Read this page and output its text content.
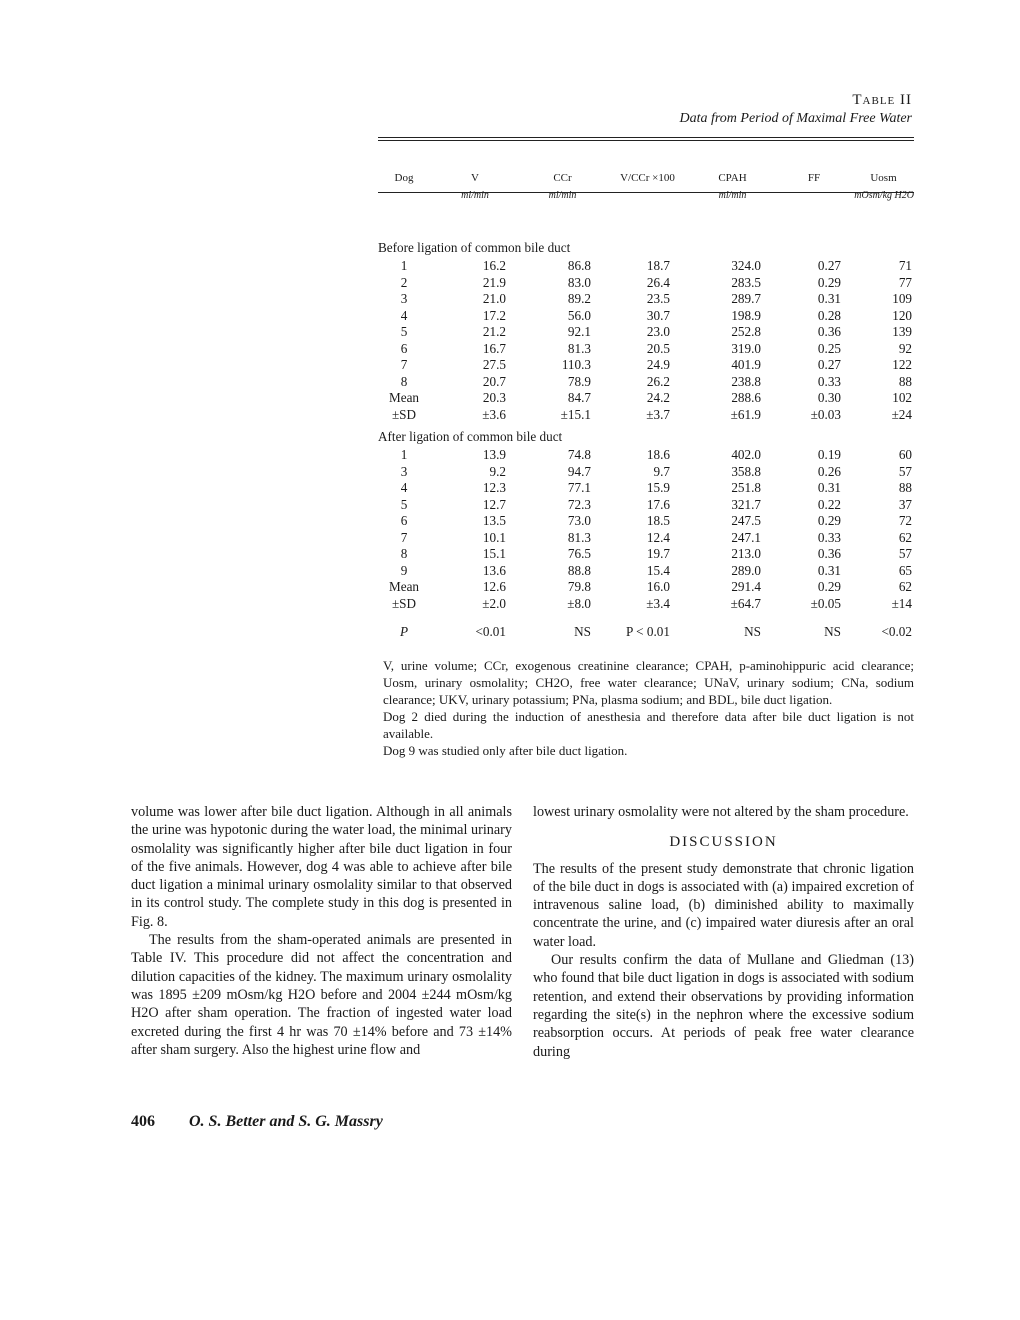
Table II
Data from Period of Maximal Free Water
Dog	V	CCr	V/CCr ×100	CPAH	FF	Uosm
	ml/min	ml/min		ml/min		mOsm/kg H2O
Before ligation of common bile duct						
1	16.2	86.8	18.7	324.0	0.27	71
2	21.9	83.0	26.4	283.5	0.29	77
3	21.0	89.2	23.5	289.7	0.31	109
4	17.2	56.0	30.7	198.9	0.28	120
5	21.2	92.1	23.0	252.8	0.36	139
6	16.7	81.3	20.5	319.0	0.25	92
7	27.5	110.3	24.9	401.9	0.27	122
8	20.7	78.9	26.2	238.8	0.33	88
Mean	20.3	84.7	24.2	288.6	0.30	102
±SD	±3.6	±15.1	±3.7	±61.9	±0.03	±24
After ligation of common bile duct						
1	13.9	74.8	18.6	402.0	0.19	60
3	9.2	94.7	9.7	358.8	0.26	57
4	12.3	77.1	15.9	251.8	0.31	88
5	12.7	72.3	17.6	321.7	0.22	37
6	13.5	73.0	18.5	247.5	0.29	72
7	10.1	81.3	12.4	247.1	0.33	62
8	15.1	76.5	19.7	213.0	0.36	57
9	13.6	88.8	15.4	289.0	0.31	65
Mean	12.6	79.8	16.0	291.4	0.29	62
±SD	±2.0	±8.0	±3.4	±64.7	±0.05	±14
P	<0.01	NS	P < 0.01	NS	NS	<0.02

V, urine volume; CCr, exogenous creatinine clearance; CPAH, p-aminohippuric acid clearance; Uosm, urinary osmolality; CH2O, free water clearance; UNaV, urinary sodium; CNa, sodium clearance; UKV, urinary potassium; PNa, plasma sodium; and BDL, bile duct ligation.

Dog 2 died during the induction of anesthesia and therefore data after bile duct ligation is not available.

Dog 9 was studied only after bile duct ligation.

volume was lower after bile duct ligation. Although in all animals the urine was hypotonic during the water load, the minimal urinary osmolality was significantly higher after bile duct ligation in four of the five animals. However, dog 4 was able to achieve after bile duct ligation a minimal urinary osmolality similar to that observed in its control study. The complete study in this dog is presented in Fig. 8.

The results from the sham-operated animals are presented in Table IV. This procedure did not affect the concentration and dilution capacities of the kidney. The maximum urinary osmolality was 1895 ±209 mOsm/kg H2O before and 2004 ±244 mOsm/kg H2O after sham operation. The fraction of ingested water load excreted during the first 4 hr was 70 ±14% before and 73 ±14% after sham surgery. Also the highest urine flow and

lowest urinary osmolality were not altered by the sham procedure.

DISCUSSION

The results of the present study demonstrate that chronic ligation of the bile duct in dogs is associated with (a) impaired excretion of intravenous saline load, (b) diminished ability to maximally concentrate the urine, and (c) impaired water diuresis after an oral water load.

Our results confirm the data of Mullane and Gliedman (13) who found that bile duct ligation in dogs is associated with sodium retention, and extend their observations by providing information regarding the site(s) in the nephron where the excessive sodium reabsorption occurs. At periods of peak free water clearance during

406 O. S. Better and S. G. Massry
